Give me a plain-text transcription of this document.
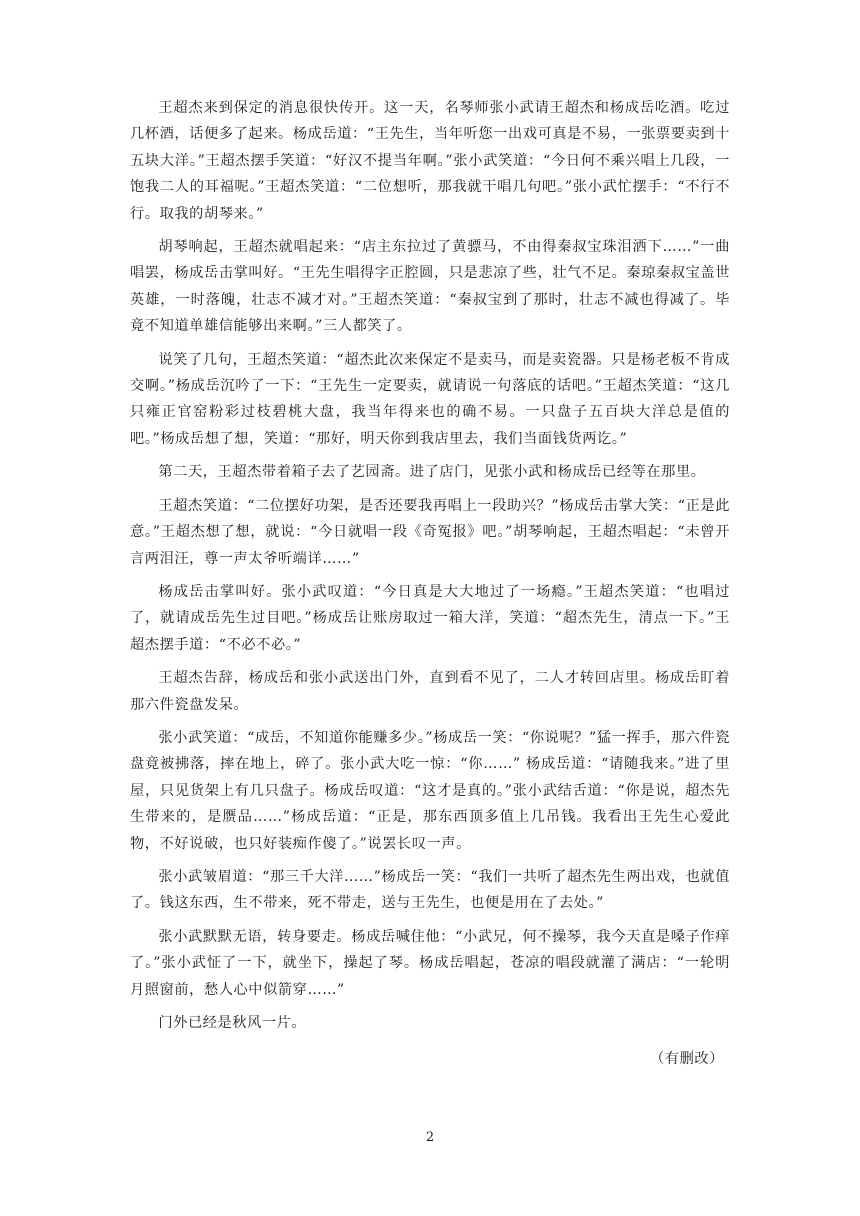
王超杰来到保定的消息很快传开。这一天，名琴师张小武请王超杰和杨成岳吃酒。吃过几杯酒，话便多了起来。杨成岳道：“王先生，当年听您一出戏可真是不易，一张票要卖到十五块大洋。”王超杰摆手笑道：“好汉不提当年啊。”张小武笑道：“今日何不乘兴唱上几段，一饱我二人的耳福呢。”王超杰笑道：“二位想听，那我就干唱几句吧。”张小武忙摆手：“不行不行。取我的胡琴来。”

胡琴响起，王超杰就唱起来：“店主东拉过了黄骠马，不由得秦叔宝珠泪洒下……”一曲唱罢，杨成岳击掌叫好。“王先生唱得字正腔圆，只是悲凉了些，壮气不足。秦琼秦叔宝盖世英雄，一时落魄，壮志不减才对。”王超杰笑道：“秦叔宝到了那时，壮志不减也得减了。毕竟不知道单雄信能够出来啊。”三人都笑了。

说笑了几句，王超杰笑道：“超杰此次来保定不是卖马，而是卖瓷器。只是杨老板不肯成交啊。”杨成岳沉吟了一下：“王先生一定要卖，就请说一句落底的话吧。”王超杰笑道：“这几只雍正官窑粉彩过枝碧桃大盘，我当年得来也的确不易。一只盘子五百块大洋总是值的吧。”杨成岳想了想，笑道：“那好，明天你到我店里去，我们当面钱货两讫。”

第二天，王超杰带着箱子去了艺园斋。进了店门，见张小武和杨成岳已经等在那里。

王超杰笑道：“二位摆好功架，是否还要我再唱上一段助兴？”杨成岳击掌大笑：“正是此意。”王超杰想了想，就说：“今日就唱一段《奇冤报》吧。”胡琴响起，王超杰唱起：“未曾开言两泪汪，尊一声太爷听端详……”

杨成岳击掌叫好。张小武叹道：“今日真是大大地过了一场瘾。”王超杰笑道：“也唱过了，就请成岳先生过目吧。”杨成岳让账房取过一箱大洋，笑道：“超杰先生，清点一下。”王超杰摆手道：“不必不必。”

王超杰告辞，杨成岳和张小武送出门外，直到看不见了，二人才转回店里。杨成岳盯着那六件瓷盘发呆。

张小武笑道：“成岳，不知道你能赚多少。”杨成岳一笑：“你说呢？”猛一挥手，那六件瓷盘竟被拂落，摔在地上，碎了。张小武大吃一惊：“你……” 杨成岳道：“请随我来。”进了里屋，只见货架上有几只盘子。杨成岳叹道：“这才是真的。”张小武结舌道：“你是说，超杰先生带来的，是赝品……”杨成岳道：“正是，那东西顶多值上几吊钱。我看出王先生心爱此物，不好说破，也只好装痴作傻了。”说罢长叹一声。

张小武皱眉道：“那三千大洋……”杨成岳一笑：“我们一共听了超杰先生两出戏，也就值了。钱这东西，生不带来，死不带走，送与王先生，也便是用在了去处。”

张小武默默无语，转身要走。杨成岳喊住他：“小武兄，何不操琴，我今天直是嗓子作痒了。”张小武怔了一下，就坐下，操起了琴。杨成岳唱起，苍凉的唱段就灌了满店：“一轮明月照窗前，愁人心中似箭穿……”

门外已经是秋风一片。

（有删改）
2
